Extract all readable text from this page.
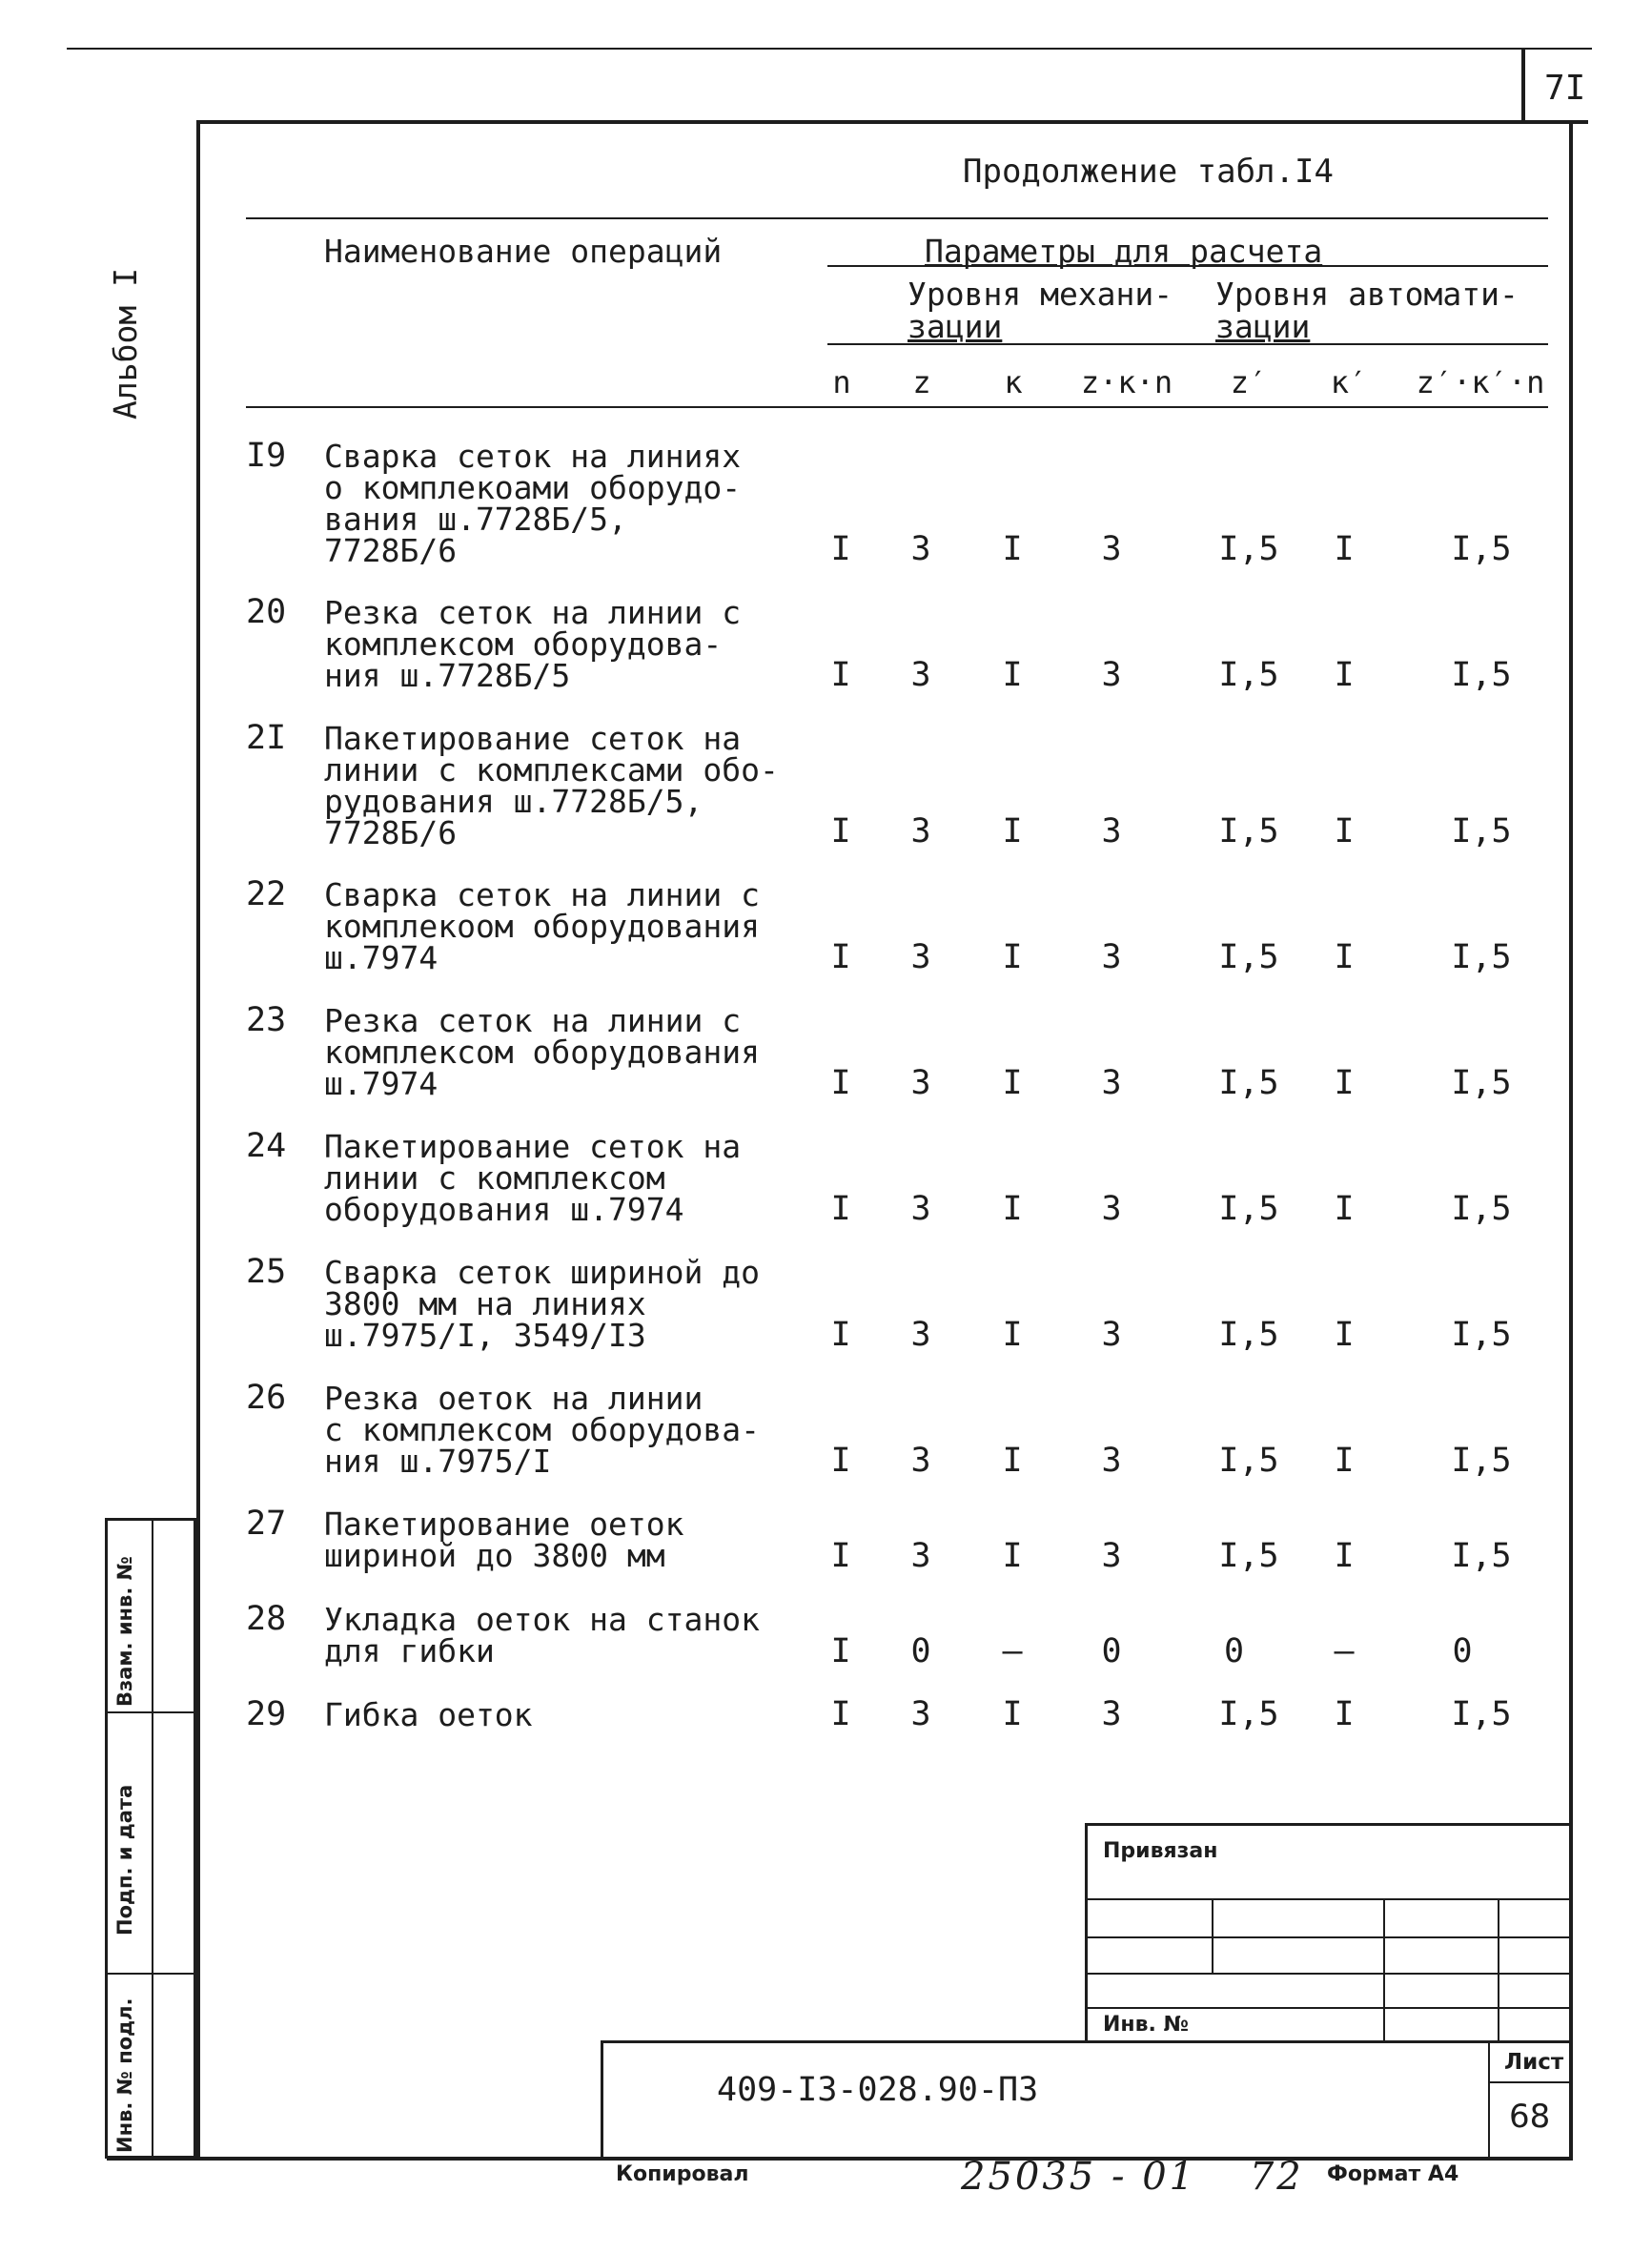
7I
Альбом I
Взам. инв. №
Подп. и дата
Инв. № подл.
Продолжение табл.I4
Наименование операций	Параметры для расчета
Уровня механи-
зации
Уровня автомати-
зации
n	z	к	z·к·n	z′	к′	z′·к′·n
I9	Сварка сеток на линиях
о комплекоами оборудо-
вания ш.7728Б/5,
7728Б/6	I	3	I	3	I,5	I	I,5
20	Резка сеток на линии с
комплексом оборудова-
ния ш.7728Б/5	I	3	I	3	I,5	I	I,5
2I	Пакетирование сеток на
линии с комплексами обо-
рудования ш.7728Б/5,
7728Б/6	I	3	I	3	I,5	I	I,5
22	Сварка сеток на линии с
комплекоом оборудования
ш.7974	I	3	I	3	I,5	I	I,5
23	Резка сеток на линии с
комплексом оборудования
ш.7974	I	3	I	3	I,5	I	I,5
24	Пакетирование сеток на
линии с комплексом
оборудования ш.7974	I	3	I	3	I,5	I	I,5
25	Сварка сеток шириной до
3800 мм на линиях
ш.7975/I, 3549/I3	I	3	I	3	I,5	I	I,5
26	Резка оеток на линии
с комплексом оборудова-
ния ш.7975/I	I	3	I	3	I,5	I	I,5
27	Пакетирование оеток
шириной до 3800 мм	I	3	I	3	I,5	I	I,5
28	Укладка оеток на станок
для гибки	I	0	–	0	0	–	0
29	Гибка оеток	I	3	I	3	I,5	I	I,5
Привязан
Инв. №
409-I3-028.90-ПЗ
Лист
68
Копировал	25035 - 01 72 Формат А4
